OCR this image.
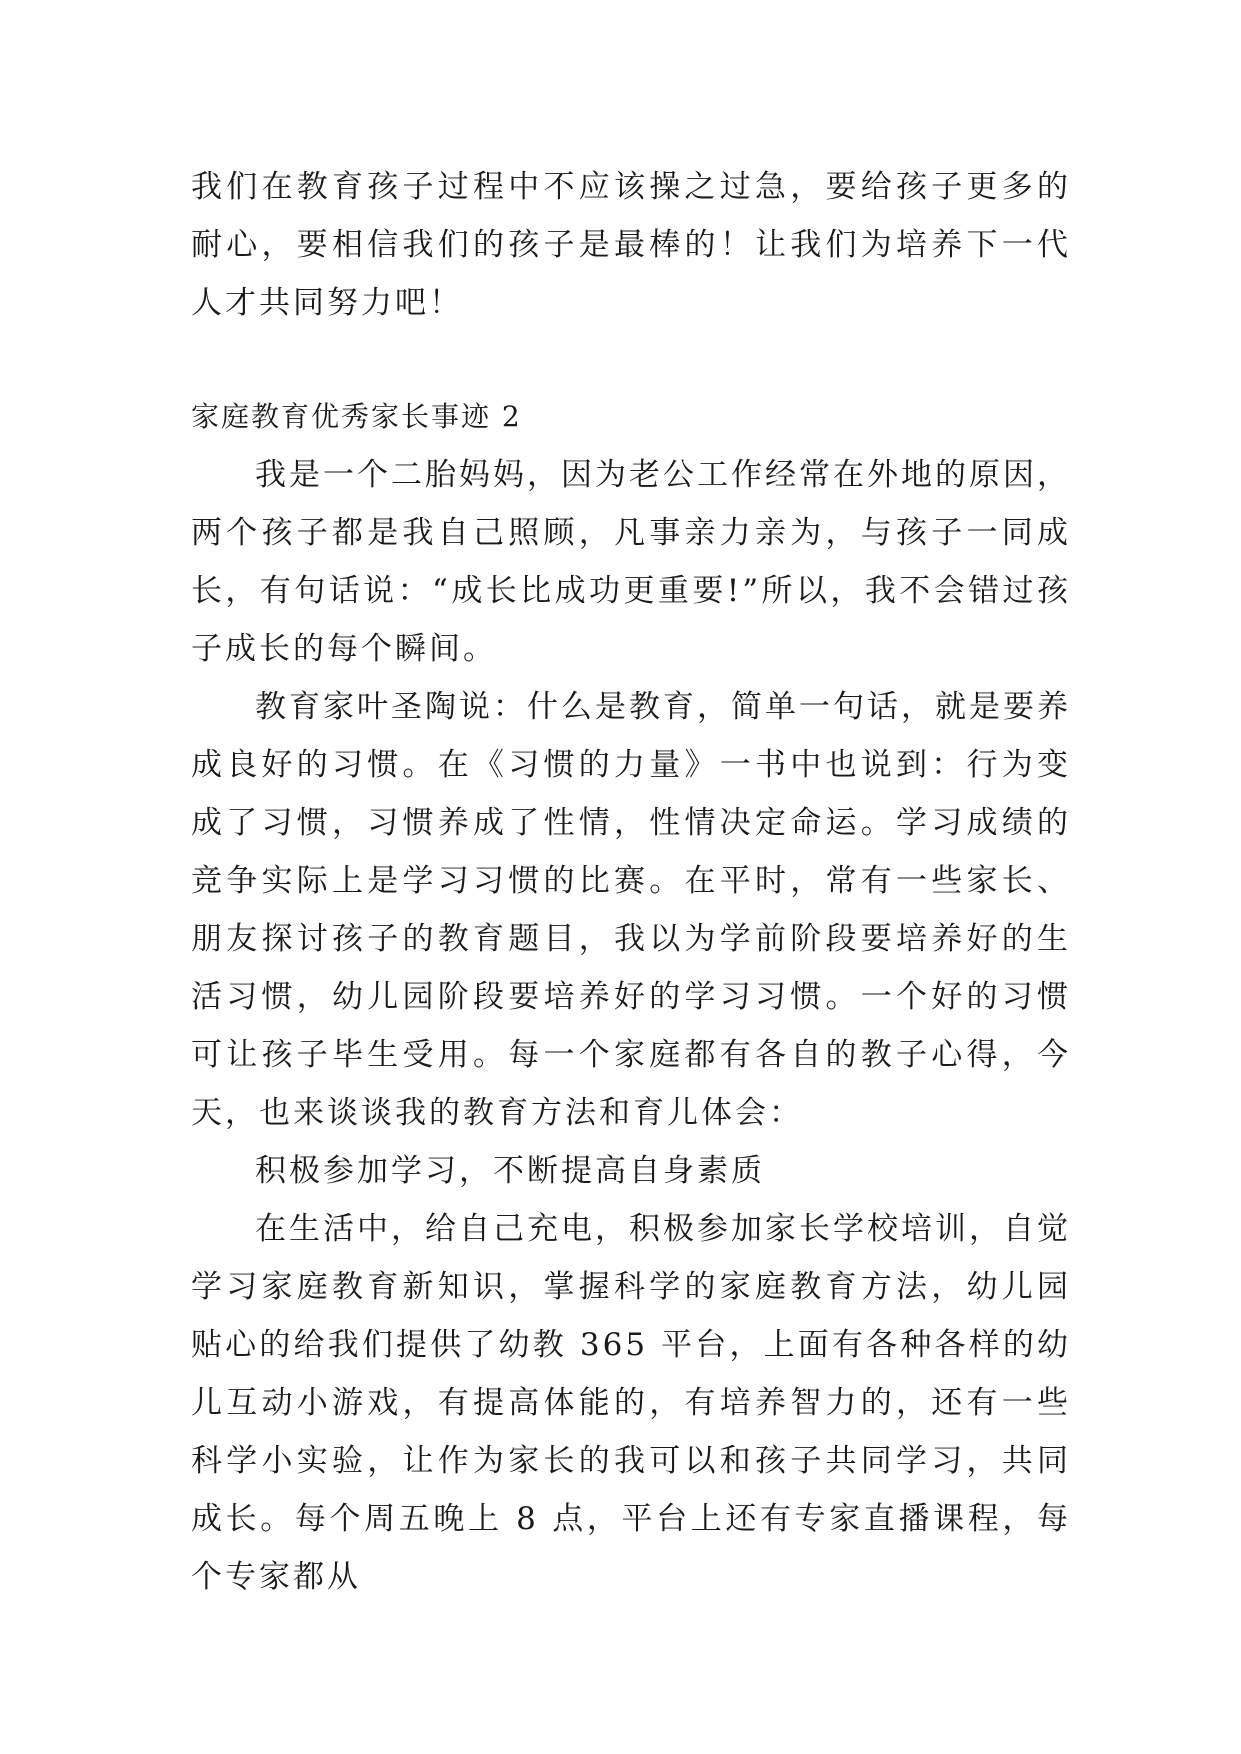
我们在教育孩子过程中不应该操之过急，要给孩子更多的耐心，要相信我们的孩子是最棒的！让我们为培养下一代人才共同努力吧！

家庭教育优秀家长事迹 2

我是一个二胎妈妈，因为老公工作经常在外地的原因，两个孩子都是我自己照顾，凡事亲力亲为，与孩子一同成长，有句话说：“成长比成功更重要!”所以，我不会错过孩子成长的每个瞬间。

教育家叶圣陶说：什么是教育，简单一句话，就是要养成良好的习惯。在《习惯的力量》一书中也说到：行为变成了习惯，习惯养成了性情，性情决定命运。学习成绩的竞争实际上是学习习惯的比赛。在平时，常有一些家长、朋友探讨孩子的教育题目，我以为学前阶段要培养好的生活习惯，幼儿园阶段要培养好的学习习惯。一个好的习惯可让孩子毕生受用。每一个家庭都有各自的教子心得，今天，也来谈谈我的教育方法和育儿体会：

积极参加学习，不断提高自身素质

在生活中，给自己充电，积极参加家长学校培训，自觉学习家庭教育新知识，掌握科学的家庭教育方法，幼儿园贴心的给我们提供了幼教 365 平台，上面有各种各样的幼儿互动小游戏，有提高体能的，有培养智力的，还有一些科学小实验，让作为家长的我可以和孩子共同学习，共同成长。每个周五晚上 8 点，平台上还有专家直播课程，每个专家都从
